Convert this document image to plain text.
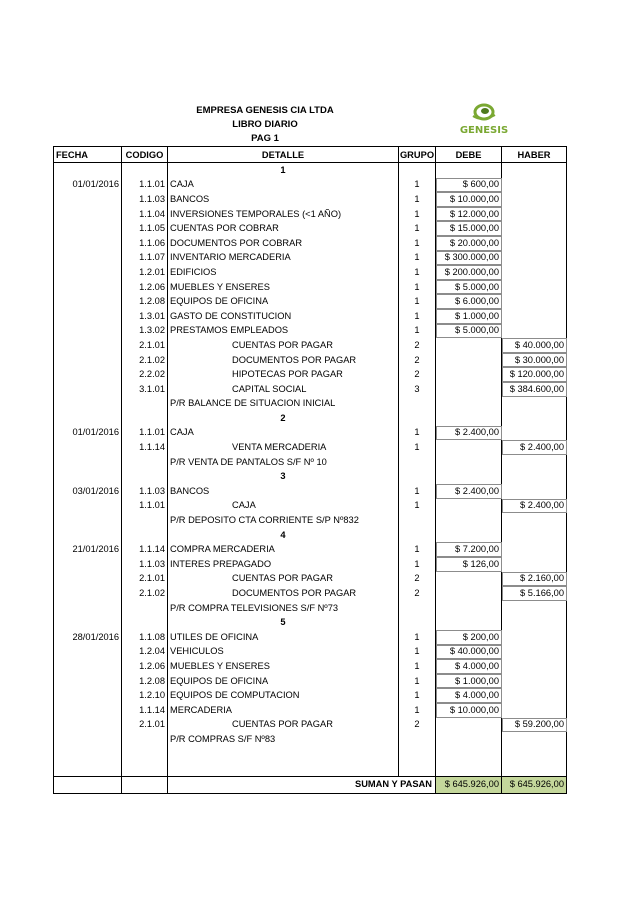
EMPRESA GENESIS CIA LTDA
LIBRO DIARIO
PAG 1
GENESIS
FECHA	CODIGO	DETALLE	GRUPO	DEBE	HABER
		1			
01/01/2016	1.1.01	CAJA	1	$ 600,00	
	1.1.03	BANCOS	1	$ 10.000,00	
	1.1.04	INVERSIONES TEMPORALES (<1 AÑO)	1	$ 12.000,00	
	1.1.05	CUENTAS POR COBRAR	1	$ 15.000,00	
	1.1.06	DOCUMENTOS POR COBRAR	1	$ 20.000,00	
	1.1.07	INVENTARIO MERCADERIA	1	$ 300.000,00	
	1.2.01	EDIFICIOS	1	$ 200.000,00	
	1.2.06	MUEBLES Y ENSERES	1	$ 5.000,00	
	1.2.08	EQUIPOS DE OFICINA	1	$ 6.000,00	
	1.3.01	GASTO DE CONSTITUCION	1	$ 1.000,00	
	1.3.02	PRESTAMOS EMPLEADOS	1	$ 5.000,00	
	2.1.01	CUENTAS POR PAGAR	2		$ 40.000,00
	2.1.02	DOCUMENTOS POR PAGAR	2		$ 30.000,00
	2.2.02	HIPOTECAS POR PAGAR	2		$ 120.000,00
	3.1.01	CAPITAL SOCIAL	3		$ 384.600,00
		P/R BALANCE DE SITUACION INICIAL			
		2			
01/01/2016	1.1.01	CAJA	1	$ 2.400,00	
	1.1.14	VENTA MERCADERIA	1		$ 2.400,00
		P/R VENTA DE PANTALOS S/F Nº 10			
		3			
03/01/2016	1.1.03	BANCOS	1	$ 2.400,00	
	1.1.01	CAJA	1		$ 2.400,00
		P/R DEPOSITO CTA CORRIENTE S/P Nº832			
		4			
21/01/2016	1.1.14	COMPRA MERCADERIA	1	$ 7.200,00	
	1.1.03	INTERES PREPAGADO	1	$ 126,00	
	2.1.01	CUENTAS POR PAGAR	2		$ 2.160,00
	2.1.02	DOCUMENTOS POR PAGAR	2		$ 5.166,00
		P/R COMPRA TELEVISIONES S/F Nº73			
		5			
28/01/2016	1.1.08	UTILES DE OFICINA	1	$ 200,00	
	1.2.04	VEHICULOS	1	$ 40.000,00	
	1.2.06	MUEBLES Y ENSERES	1	$ 4.000,00	
	1.2.08	EQUIPOS DE OFICINA	1	$ 1.000,00	
	1.2.10	EQUIPOS DE COMPUTACION	1	$ 4.000,00	
	1.1.14	MERCADERIA	1	$ 10.000,00	
	2.1.01	CUENTAS POR PAGAR	2		$ 59.200,00
		P/R COMPRAS S/F Nº83			

		SUMAN Y PASAN		$ 645.926,00	$ 645.926,00
